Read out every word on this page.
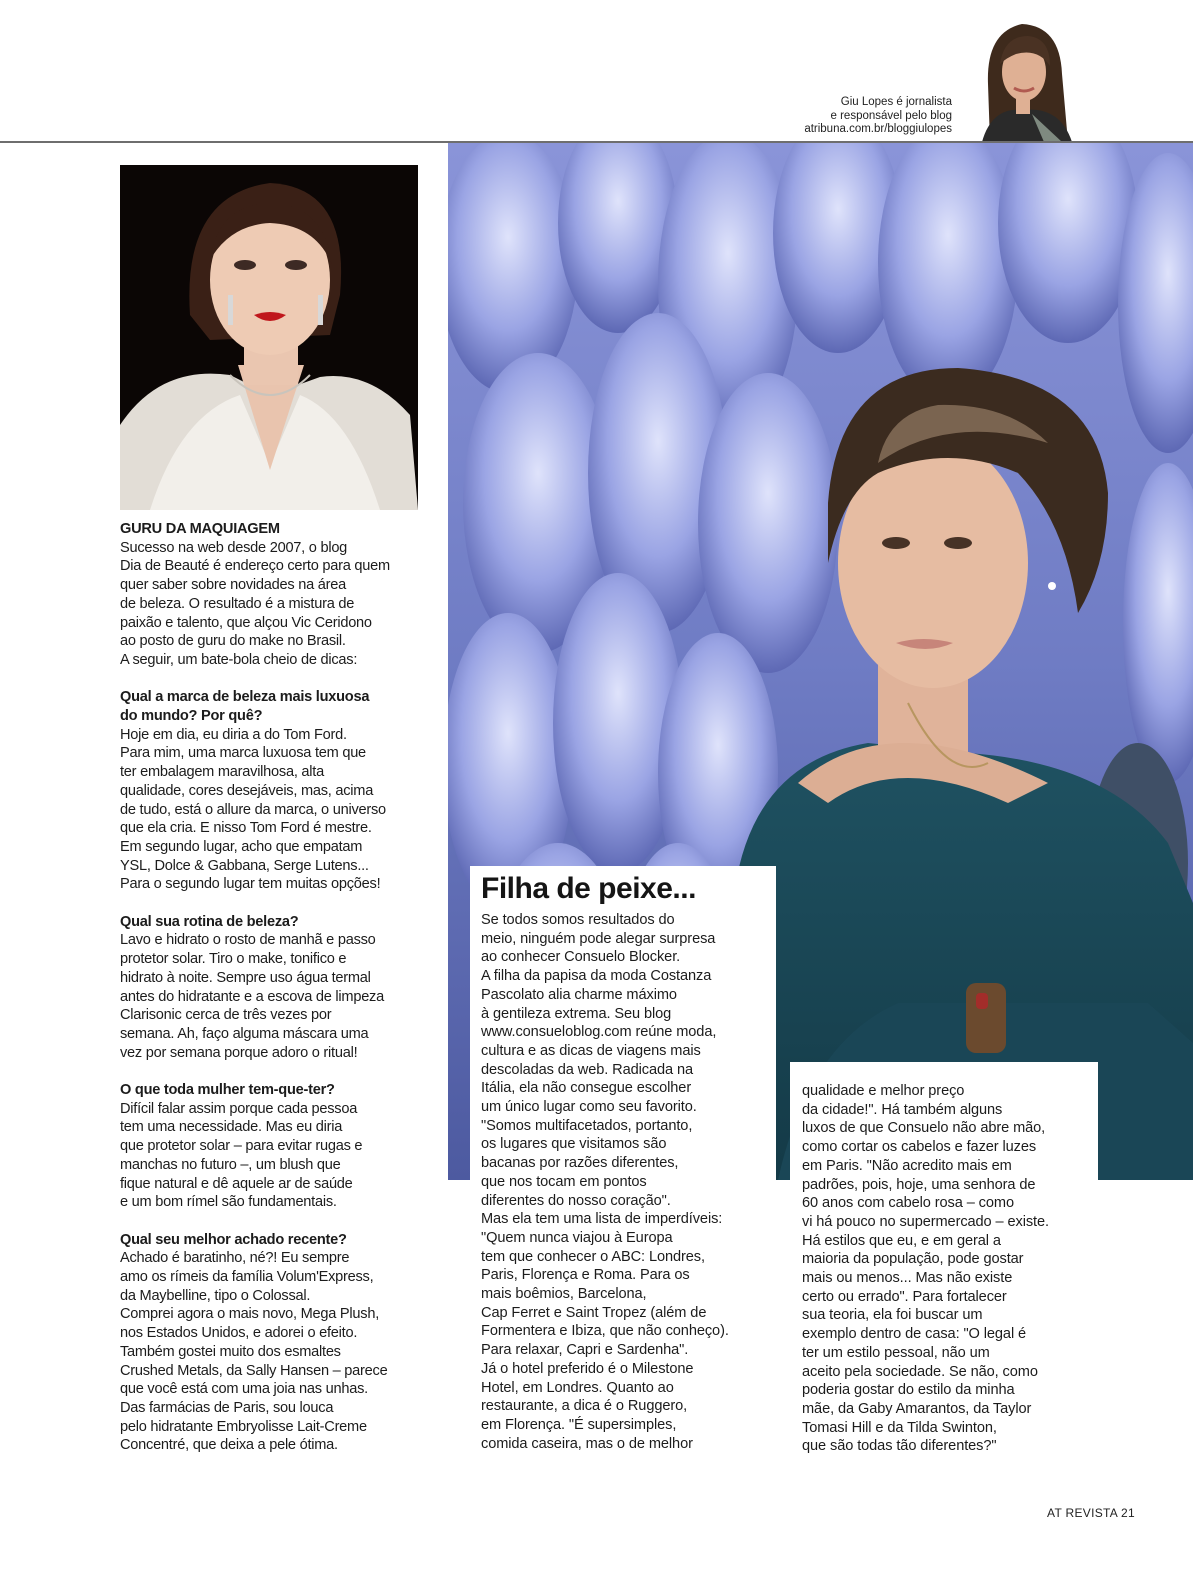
Giu Lopes é jornalista
e responsável pelo blog
atribuna.com.br/bloggiulopes

GURU DA MAQUIAGEM

Sucesso na web desde 2007, o blog

Dia de Beauté é endereço certo para quem

quer saber sobre novidades na área

de beleza. O resultado é a mistura de

paixão e talento, que alçou Vic Ceridono

ao posto de guru do make no Brasil.

A seguir, um bate-bola cheio de dicas:

Qual a marca de beleza mais luxuosa

do mundo? Por quê?

Hoje em dia, eu diria a do Tom Ford.

Para mim, uma marca luxuosa tem que

ter embalagem maravilhosa, alta

qualidade, cores desejáveis, mas, acima

de tudo, está o allure da marca, o universo

que ela cria. E nisso Tom Ford é mestre.

Em segundo lugar, acho que empatam

YSL, Dolce & Gabbana, Serge Lutens...

Para o segundo lugar tem muitas opções!

Qual sua rotina de beleza?

Lavo e hidrato o rosto de manhã e passo

protetor solar. Tiro o make, tonifico e

hidrato à noite. Sempre uso água termal

antes do hidratante e a escova de limpeza

Clarisonic cerca de três vezes por

semana. Ah, faço alguma máscara uma

vez por semana porque adoro o ritual!

O que toda mulher tem-que-ter?

Difícil falar assim porque cada pessoa

tem uma necessidade. Mas eu diria

que protetor solar – para evitar rugas e

manchas no futuro –, um blush que

fique natural e dê aquele ar de saúde

e um bom rímel são fundamentais.

Qual seu melhor achado recente?

Achado é baratinho, né?! Eu sempre

amo os rímeis da família Volum'Express,

da Maybelline, tipo o Colossal.

Comprei agora o mais novo, Mega Plush,

nos Estados Unidos, e adorei o efeito.

Também gostei muito dos esmaltes

Crushed Metals, da Sally Hansen – parece

que você está com uma joia nas unhas.

Das farmácias de Paris, sou louca

pelo hidratante Embryolisse Lait-Creme

Concentré, que deixa a pele ótima.

Filha de peixe...
Se todos somos resultados do
meio, ninguém pode alegar surpresa
ao conhecer Consuelo Blocker.
A filha da papisa da moda Costanza
Pascolato alia charme máximo
à gentileza extrema. Seu blog
www.consueloblog.com reúne moda,
cultura e as dicas de viagens mais
descoladas da web. Radicada na
Itália, ela não consegue escolher
um único lugar como seu favorito.
"Somos multifacetados, portanto,
os lugares que visitamos são
bacanas por razões diferentes,
que nos tocam em pontos
diferentes do nosso coração".
Mas ela tem uma lista de imperdíveis:
"Quem nunca viajou à Europa
tem que conhecer o ABC: Londres,
Paris, Florença e Roma. Para os
mais boêmios, Barcelona,
Cap Ferret e Saint Tropez (além de
Formentera e Ibiza, que não conheço).
Para relaxar, Capri e Sardenha".
Já o hotel preferido é o Milestone
Hotel, em Londres. Quanto ao
restaurante, a dica é o Ruggero,
em Florença. "É supersimples,
comida caseira, mas o de melhor
qualidade e melhor preço
da cidade!". Há também alguns
luxos de que Consuelo não abre mão,
como cortar os cabelos e fazer luzes
em Paris. "Não acredito mais em
padrões, pois, hoje, uma senhora de
60 anos com cabelo rosa – como
vi há pouco no supermercado – existe.
Há estilos que eu, e em geral a
maioria da população, pode gostar
mais ou menos... Mas não existe
certo ou errado". Para fortalecer
sua teoria, ela foi buscar um
exemplo dentro de casa: "O legal é
ter um estilo pessoal, não um
aceito pela sociedade. Se não, como
poderia gostar do estilo da minha
mãe, da Gaby Amarantos, da Taylor
Tomasi Hill e da Tilda Swinton,
que são todas tão diferentes?"
AT REVISTA 21
